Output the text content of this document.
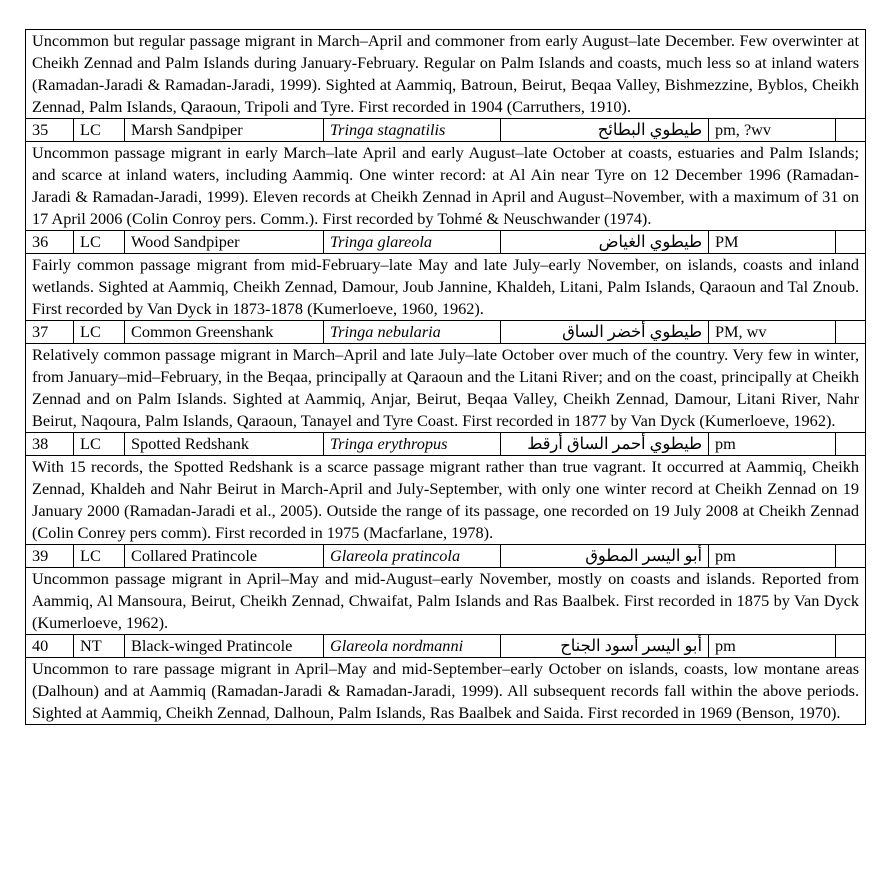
Uncommon but regular passage migrant in March–April and commoner from early August–late December. Few overwinter at Cheikh Zennad and Palm Islands during January-February. Regular on Palm Islands and coasts, much less so at inland waters (Ramadan-Jaradi & Ramadan-Jaradi, 1999). Sighted at Aammiq, Batroun, Beirut, Beqaa Valley, Bishmezzine, Byblos, Cheikh Zennad, Palm Islands, Qaraoun, Tripoli and Tyre. First recorded in 1904 (Carruthers, 1910).						
35	LC	Marsh Sandpiper	Tringa stagnatilis	طيطوي البطائح	pm, ?wv	
Uncommon passage migrant in early March–late April and early August–late October at coasts, estuaries and Palm Islands; and scarce at inland waters, including Aammiq. One winter record: at Al Ain near Tyre on 12 December 1996 (Ramadan-Jaradi & Ramadan-Jaradi, 1999). Eleven records at Cheikh Zennad in April and August–November, with a maximum of 31 on 17 April 2006 (Colin Conroy pers. Comm.). First recorded by Tohmé & Neuschwander (1974).						
36	LC	Wood Sandpiper	Tringa glareola	طيطوي الغياض	PM	
Fairly common passage migrant from mid-February–late May and late July–early November, on islands, coasts and inland wetlands. Sighted at Aammiq, Cheikh Zennad, Damour, Joub Jannine, Khaldeh, Litani, Palm Islands, Qaraoun and Tal Znoub. First recorded by Van Dyck in 1873-1878 (Kumerloeve, 1960, 1962).						
37	LC	Common Greenshank	Tringa nebularia	طيطوي أخضر الساق	PM, wv	
Relatively common passage migrant in March–April and late July–late October over much of the country. Very few in winter, from January–mid–February, in the Beqaa, principally at Qaraoun and the Litani River; and on the coast, principally at Cheikh Zennad and on Palm Islands. Sighted at Aammiq, Anjar, Beirut, Beqaa Valley, Cheikh Zennad, Damour, Litani River, Nahr Beirut, Naqoura, Palm Islands, Qaraoun, Tanayel and Tyre Coast. First recorded in 1877 by Van Dyck (Kumerloeve, 1962).						
38	LC	Spotted Redshank	Tringa erythropus	طيطوي أحمر الساق أرقط	pm	
With 15 records, the Spotted Redshank is a scarce passage migrant rather than true vagrant. It occurred at Aammiq, Cheikh Zennad, Khaldeh and Nahr Beirut in March-April and July-September, with only one winter record at Cheikh Zennad on 19 January 2000 (Ramadan-Jaradi et al., 2005). Outside the range of its passage, one recorded on 19 July 2008 at Cheikh Zennad (Colin Conrey pers comm). First recorded in 1975 (Macfarlane, 1978).						
39	LC	Collared Pratincole	Glareola pratincola	أبو اليسر المطوق	pm	
Uncommon passage migrant in April–May and mid-August–early November, mostly on coasts and islands. Reported from Aammiq, Al Mansoura, Beirut, Cheikh Zennad, Chwaifat, Palm Islands and Ras Baalbek. First recorded in 1875 by Van Dyck (Kumerloeve, 1962).						
40	NT	Black-winged Pratincole	Glareola nordmanni	أبو اليسر أسود الجناح	pm	
Uncommon to rare passage migrant in April–May and mid-September–early October on islands, coasts, low montane areas (Dalhoun) and at Aammiq (Ramadan-Jaradi & Ramadan-Jaradi, 1999). All subsequent records fall within the above periods. Sighted at Aammiq, Cheikh Zennad, Dalhoun, Palm Islands, Ras Baalbek and Saida. First recorded in 1969 (Benson, 1970).						
